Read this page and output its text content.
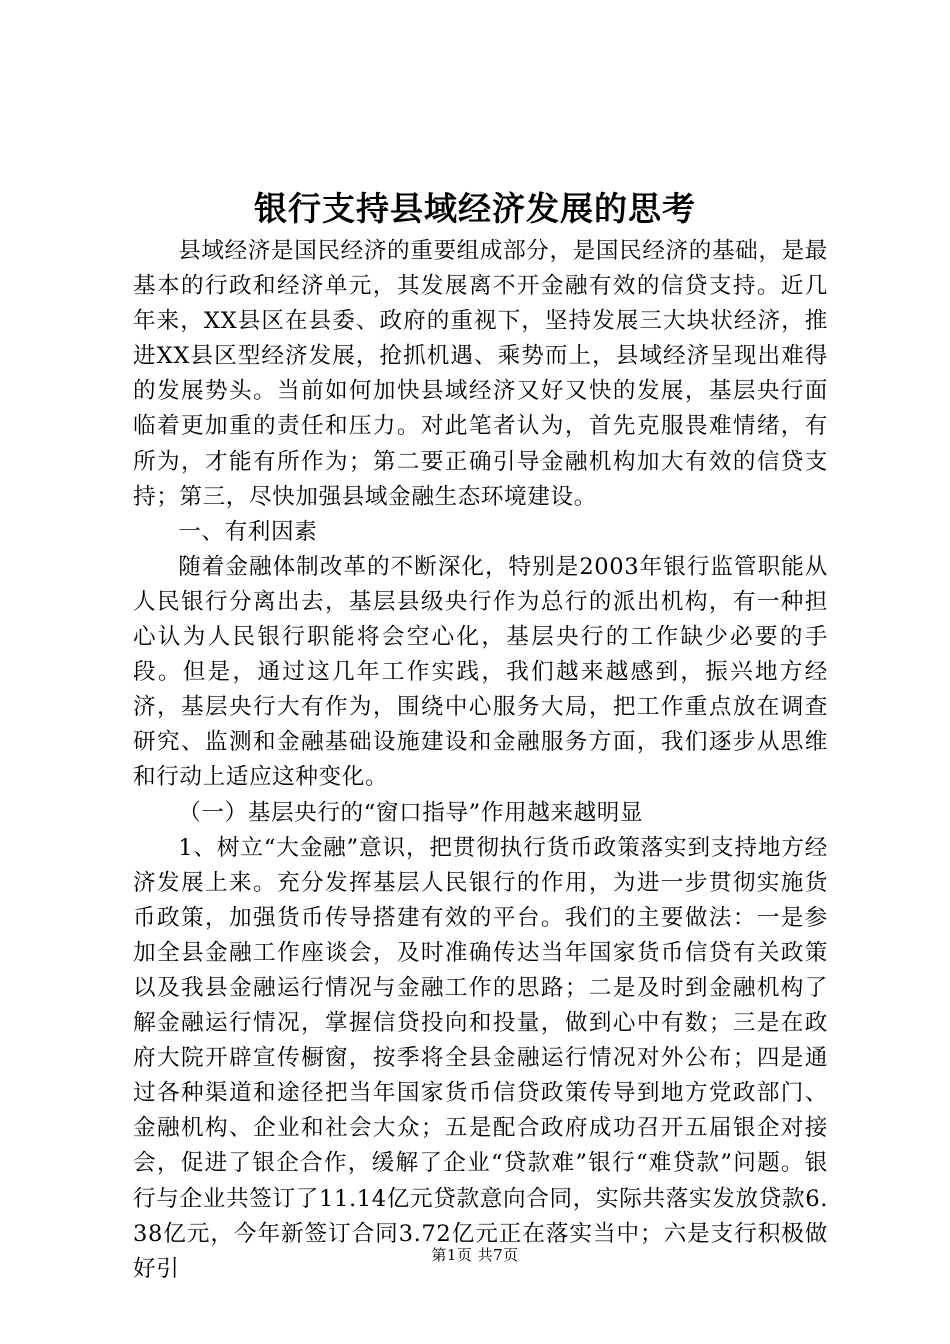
银行支持县域经济发展的思考

县域经济是国民经济的重要组成部分，是国民经济的基础，是最基本的行政和经济单元，其发展离不开金融有效的信贷支持。近几年来，XX县区在县委、政府的重视下，坚持发展三大块状经济，推进XX县区型经济发展，抢抓机遇、乘势而上，县域经济呈现出难得的发展势头。当前如何加快县域经济又好又快的发展，基层央行面临着更加重的责任和压力。对此笔者认为，首先克服畏难情绪，有所为，才能有所作为；第二要正确引导金融机构加大有效的信贷支持；第三，尽快加强县域金融生态环境建设。

一、有利因素

随着金融体制改革的不断深化，特别是2003年银行监管职能从人民银行分离出去，基层县级央行作为总行的派出机构，有一种担心认为人民银行职能将会空心化，基层央行的工作缺少必要的手段。但是，通过这几年工作实践，我们越来越感到，振兴地方经济，基层央行大有作为，围绕中心服务大局，把工作重点放在调查研究、监测和金融基础设施建设和金融服务方面，我们逐步从思维和行动上适应这种变化。

（一）基层央行的“窗口指导”作用越来越明显

1、树立“大金融”意识，把贯彻执行货币政策落实到支持地方经济发展上来。充分发挥基层人民银行的作用，为进一步贯彻实施货币政策，加强货币传导搭建有效的平台。我们的主要做法：一是参加全县金融工作座谈会，及时准确传达当年国家货币信贷有关政策以及我县金融运行情况与金融工作的思路；二是及时到金融机构了解金融运行情况，掌握信贷投向和投量，做到心中有数；三是在政府大院开辟宣传橱窗，按季将全县金融运行情况对外公布；四是通过各种渠道和途径把当年国家货币信贷政策传导到地方党政部门、金融机构、企业和社会大众；五是配合政府成功召开五届银企对接会，促进了银企合作，缓解了企业“贷款难”银行“难贷款”问题。银行与企业共签订了11.14亿元贷款意向合同，实际共落实发放贷款6.38亿元，今年新签订合同3.72亿元正在落实当中；六是支行积极做好引

第1页 共7页
